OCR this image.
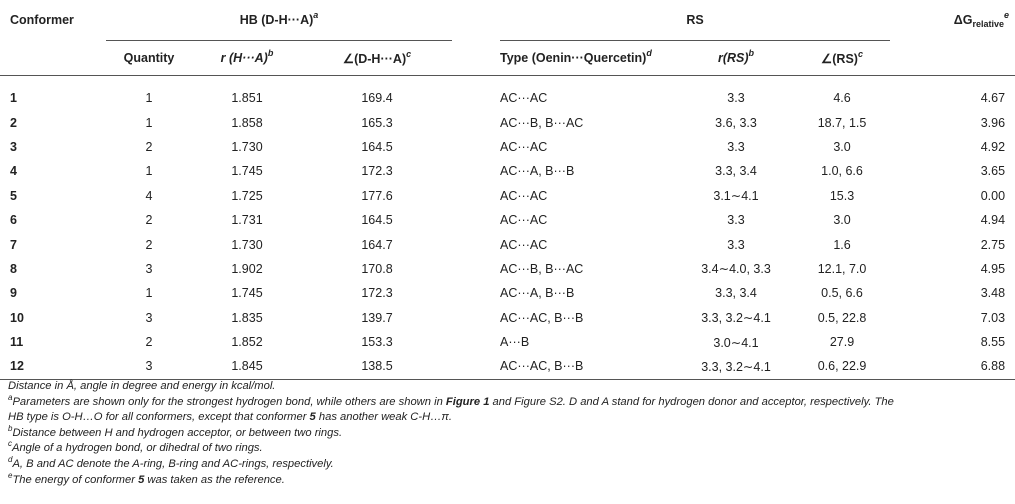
Conformer	HB $(D-H\cdot\cdot\cdot A)^a$				RS			$\Delta G_{relative}^e$
	Quantity	r $(H\cdot\cdot\cdot A)^b$	$\angle(D-H\cdot\cdot\cdot A)^c$		Type (Oenin···Quercetin)$^d$	r(RS)$^b$	∠(RS)$^c$	
1	1	1.851	169.4		AC···AC	3.3	4.6	4.67
2	1	1.858	165.3		AC···B, B···AC	3.6, 3.3	18.7, 1.5	3.96
3	2	1.730	164.5		AC···AC	3.3	3.0	4.92
4	1	1.745	172.3		AC···A, B···B	3.3, 3.4	1.0, 6.6	3.65
5	4	1.725	177.6		AC···AC	3.1∼4.1	15.3	0.00
6	2	1.731	164.5		AC···AC	3.3	3.0	4.94
7	2	1.730	164.7		AC···AC	3.3	1.6	2.75
8	3	1.902	170.8		AC···B, B···AC	3.4∼4.0, 3.3	12.1, 7.0	4.95
9	1	1.745	172.3		AC···A, B···B	3.3, 3.4	0.5, 6.6	3.48
10	3	1.835	139.7		AC···AC, B···B	3.3, 3.2∼4.1	0.5, 22.8	7.03
11	2	1.852	153.3		A···B	3.0∼4.1	27.9	8.55
12	3	1.845	138.5		AC···AC, B···B	3.3, 3.2∼4.1	0.6, 22.9	6.88
Distance in Å, angle in degree and energy in kcal/mol.
$^a$Parameters are shown only for the strongest hydrogen bond, while others are shown in Figure 1 and Figure S2. D and A stand for hydrogen donor and acceptor, respectively. The
HB type is O-H…O for all conformers, except that conformer 5 has another weak C-H…π.
$^b$Distance between H and hydrogen acceptor, or between two rings.
$^c$Angle of a hydrogen bond, or dihedral of two rings.
$^d$A, B and AC denote the A-ring, B-ring and AC-rings, respectively.
$^e$The energy of conformer 5 was taken as the reference.
